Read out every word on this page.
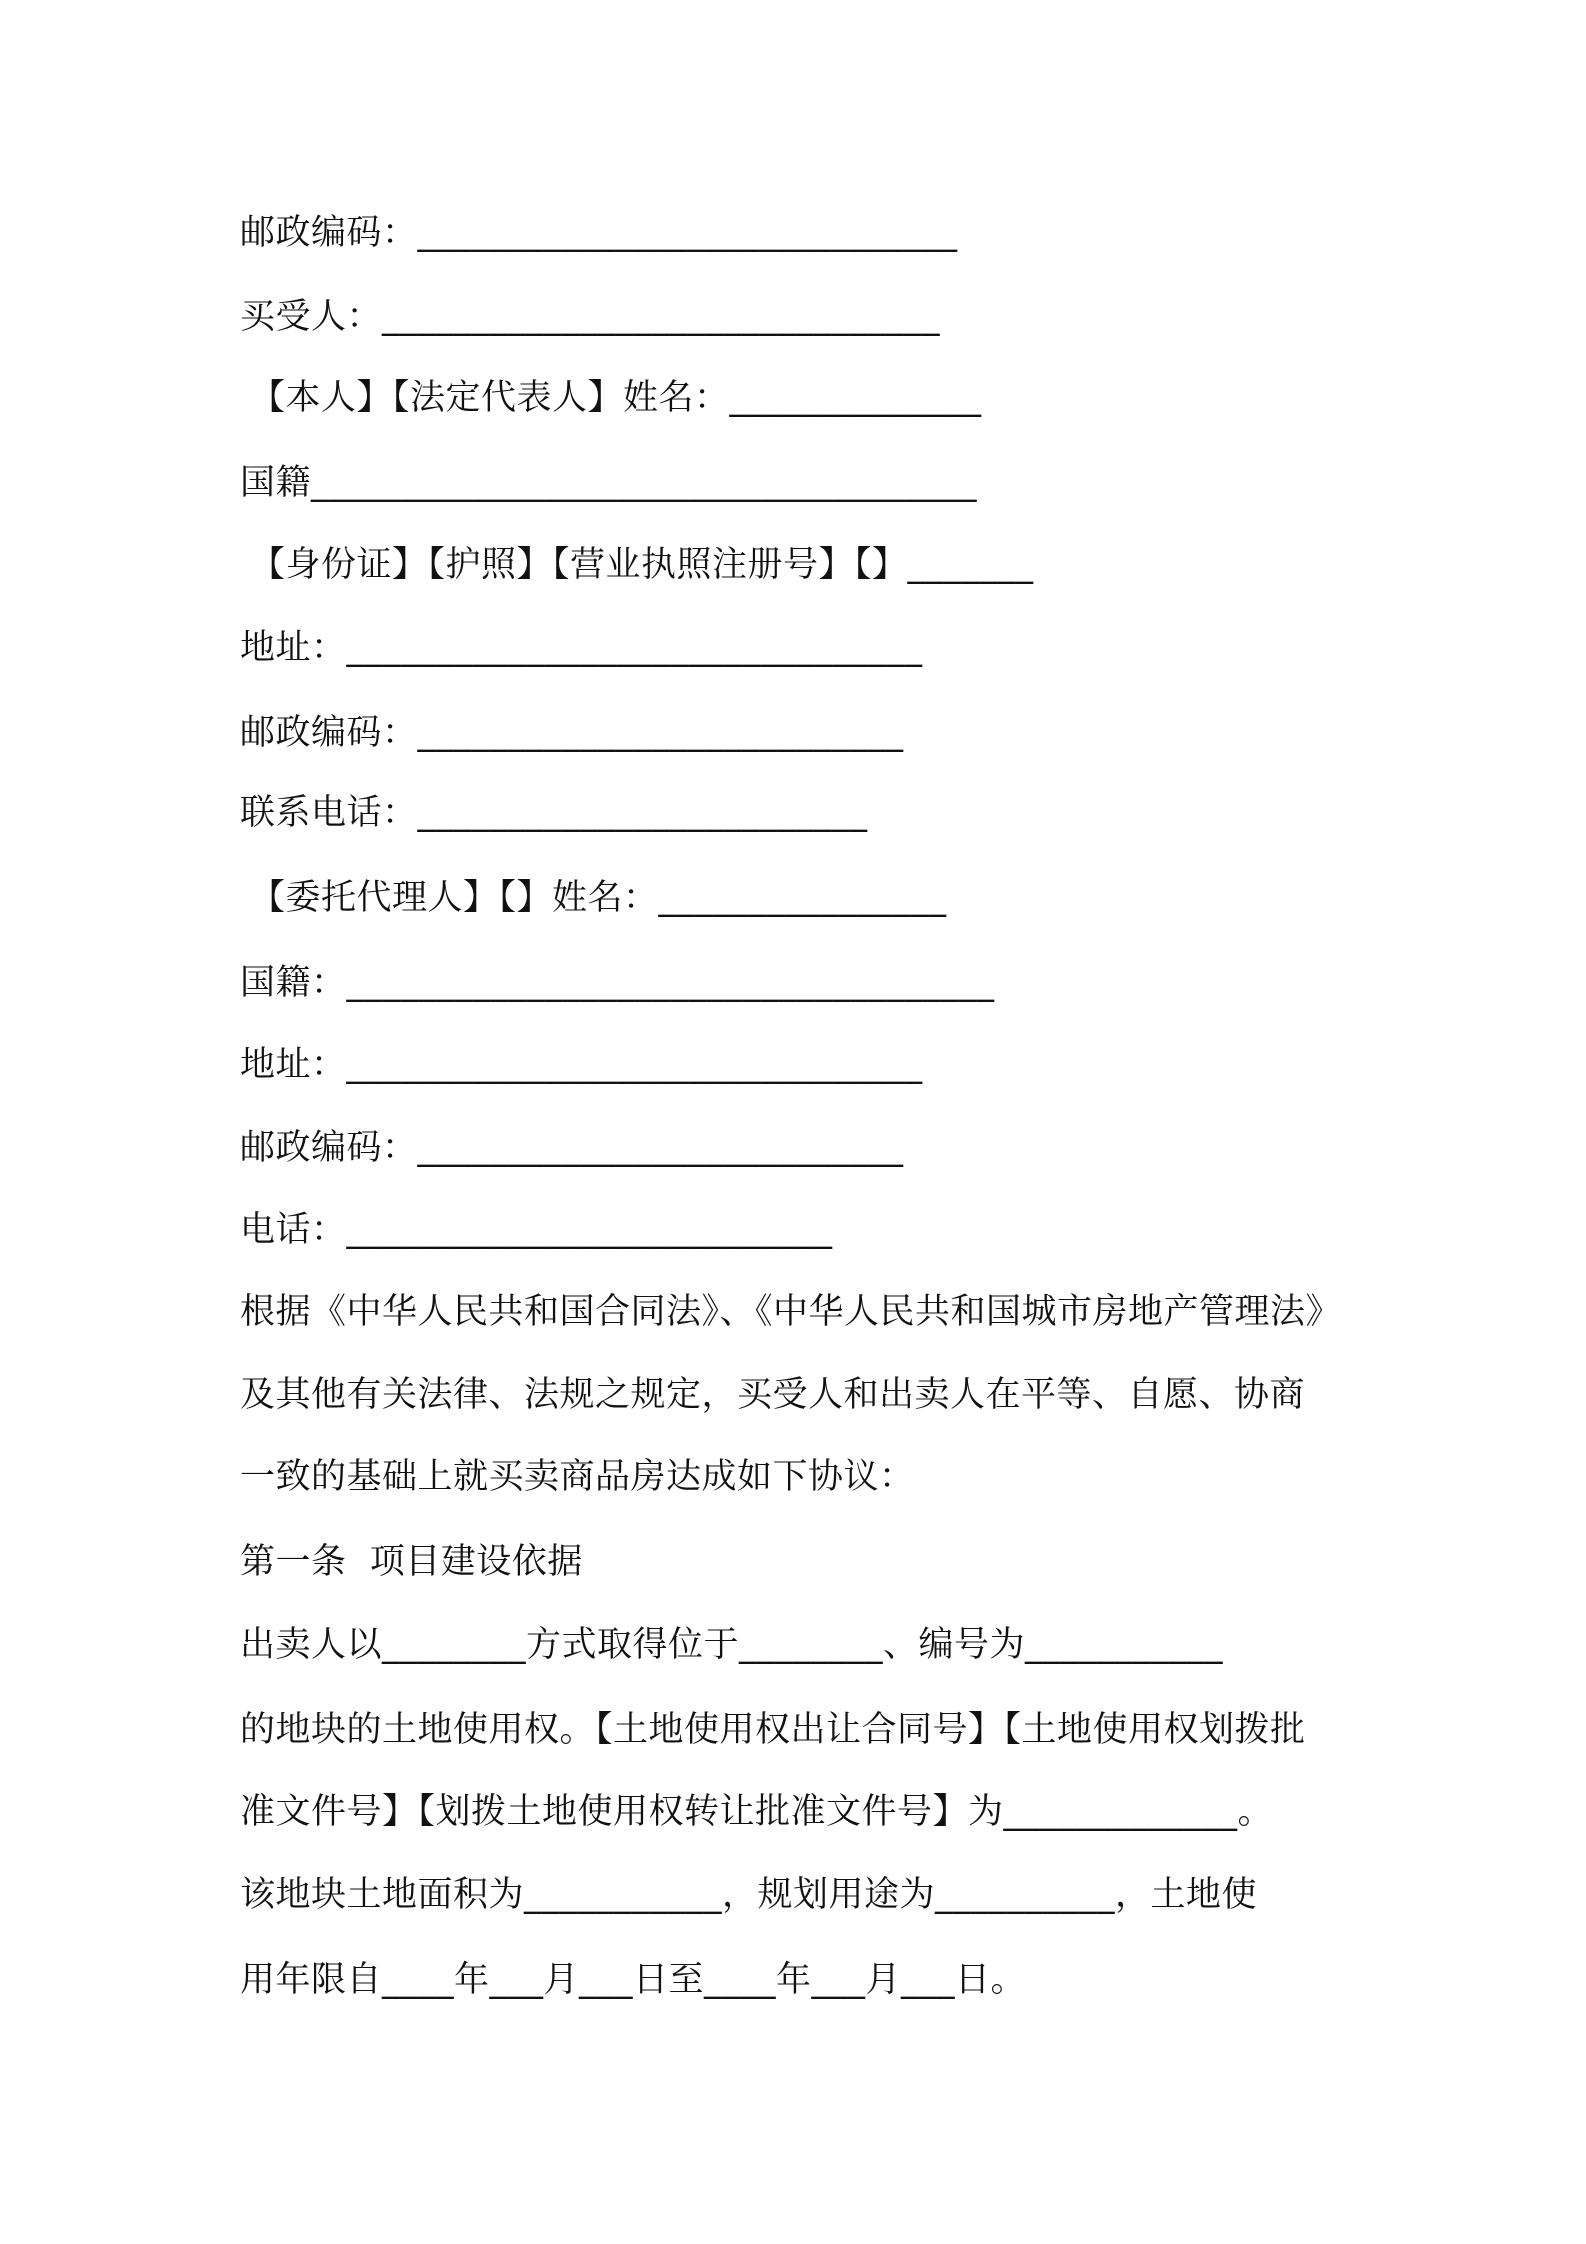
邮政编码：______________________________
买受人：_______________________________
【本人】【法定代表人】姓名：______________
国籍_____________________________________
【身份证】【护照】【营业执照注册号】【】_______
地址：________________________________
邮政编码：___________________________
联系电话：_________________________
【委托代理人】【】姓名：________________
国籍：____________________________________
地址：________________________________
邮政编码：___________________________
电话：___________________________
根据《中华人民共和国合同法》、《中华人民共和国城市房地产管理法》
及其他有关法律、法规之规定，买受人和出卖人在平等、自愿、协商
一致的基础上就买卖商品房达成如下协议：
第一条  项目建设依据
出卖人以________方式取得位于________、编号为___________
的地块的土地使用权。【土地使用权出让合同号】【土地使用权划拨批
准文件号】【划拨土地使用权转让批准文件号】为_____________。
该地块土地面积为___________，规划用途为__________，土地使
用年限自____年___月___日至____年___月___日。
